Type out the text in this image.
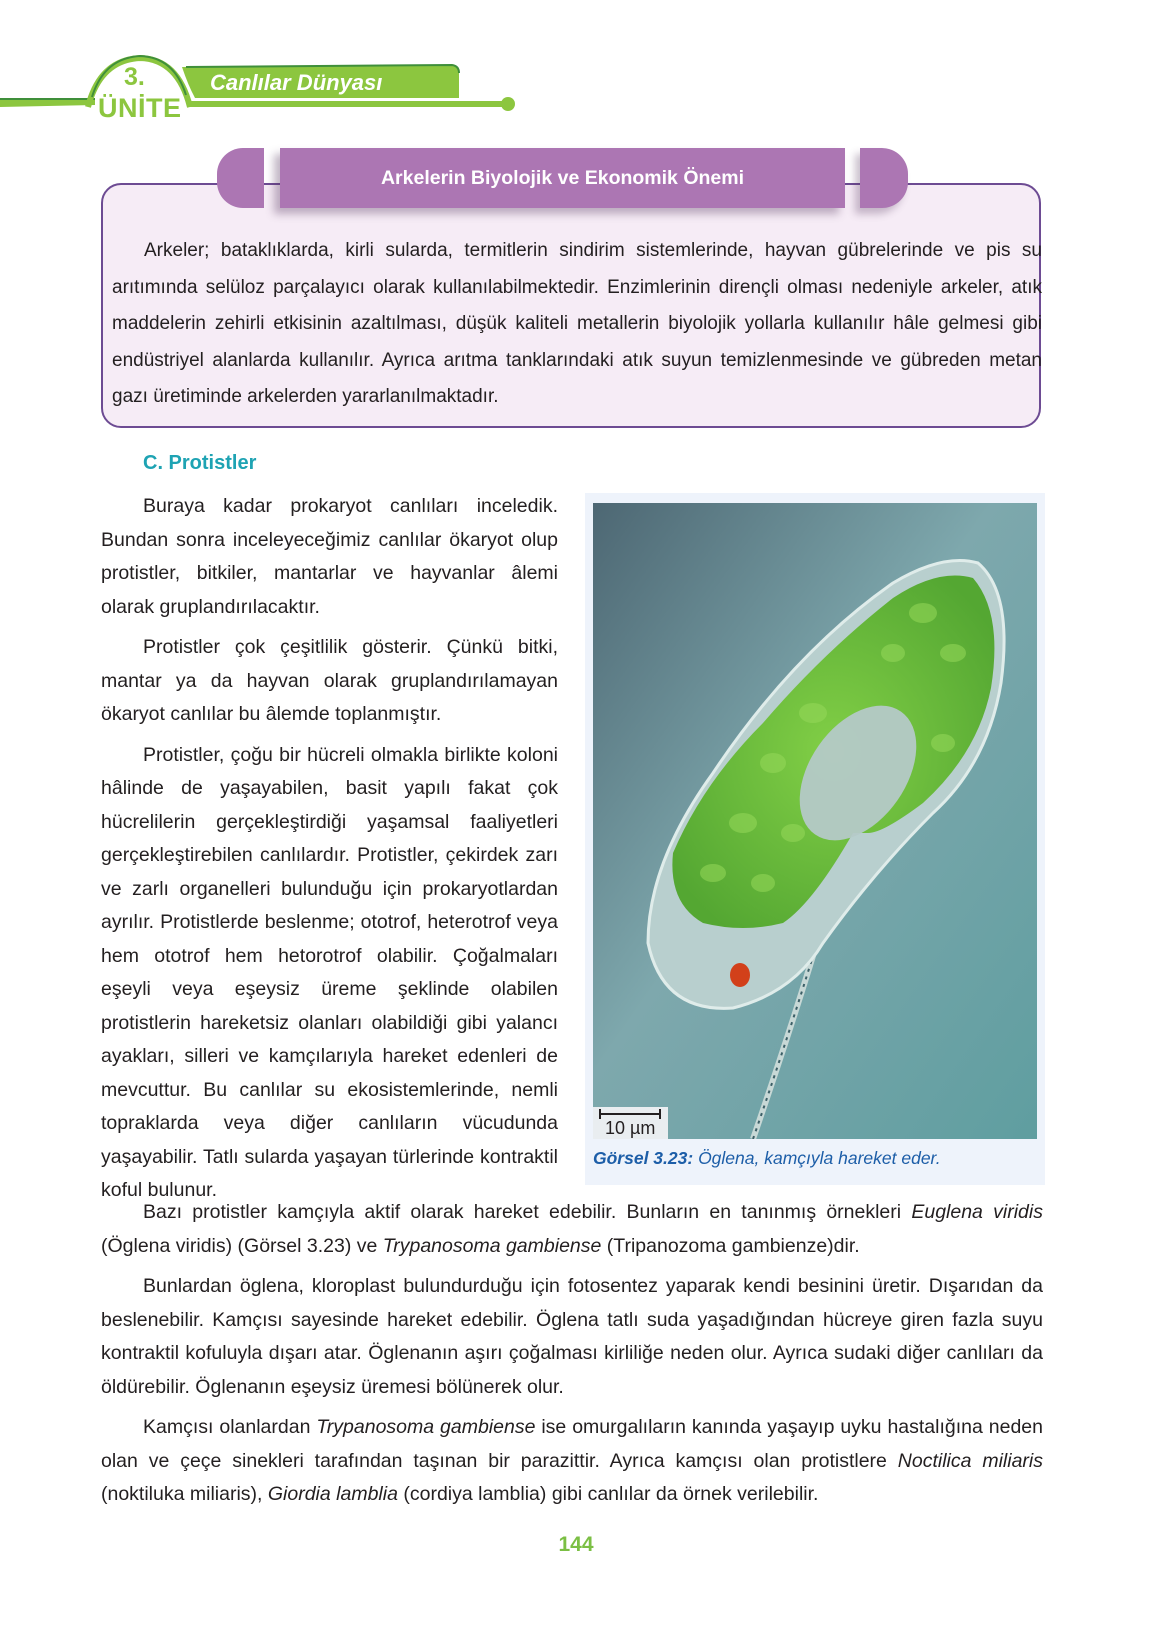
3.
ÜNİTE
Canlılar Dünyası
Arkelerin Biyolojik ve Ekonomik Önemi

Arkeler; bataklıklarda, kirli sularda, termitlerin sindirim sistemlerinde, hayvan gübrelerinde ve pis su arıtımında selüloz parçalayıcı olarak kullanılabilmektedir. Enzimlerinin dirençli olması nedeniyle arkeler, atık maddelerin zehirli etkisinin azaltılması, düşük kaliteli metallerin biyolojik yollarla kullanılır hâle gelmesi gibi endüstriyel alanlarda kullanılır. Ayrıca arıtma tanklarındaki atık suyun temizlenmesinde ve gübreden metan gazı üretiminde arkelerden yararlanılmaktadır.

C. Protistler

Buraya kadar prokaryot canlıları inceledik. Bundan sonra inceleyeceğimiz canlılar ökaryot olup protistler, bitkiler, mantarlar ve hayvanlar âlemi olarak gruplandırılacaktır.

Protistler çok çeşitlilik gösterir. Çünkü bitki, mantar ya da hayvan olarak gruplandırılamayan ökaryot canlılar bu âlemde toplanmıştır.

Protistler, çoğu bir hücreli olmakla birlikte koloni hâlinde de yaşayabilen, basit yapılı fakat çok hücrelilerin gerçekleştirdiği yaşamsal faaliyetleri gerçekleştirebilen canlılardır. Protistler, çekirdek zarı ve zarlı organelleri bulunduğu için prokaryotlardan ayrılır. Protistlerde beslenme; ototrof, heterotrof veya hem ototrof hem hetorotrof olabilir. Çoğalmaları eşeyli veya eşeysiz üreme şeklinde olabilen protistlerin hareketsiz olanları olabildiği gibi yalancı ayakları, silleri ve kamçılarıyla hareket edenleri de mevcuttur. Bu canlılar su ekosistemlerinde, nemli topraklarda veya diğer canlıların vücudunda yaşayabilir. Tatlı sularda yaşayan türlerinde kontraktil koful bulunur.

10 µm
Görsel 3.23: Öglena, kamçıyla hareket eder.

Bazı protistler kamçıyla aktif olarak hareket edebilir. Bunların en tanınmış örnekleri Euglena viridis (Öglena viridis) (Görsel 3.23) ve Trypanosoma gambiense (Tripanozoma gambienze)dir.

Bunlardan öglena, kloroplast bulundurduğu için fotosentez yaparak kendi besinini üretir. Dışarıdan da beslenebilir. Kamçısı sayesinde hareket edebilir. Öglena tatlı suda yaşadığından hücreye giren fazla suyu kontraktil kofuluyla dışarı atar. Öglenanın aşırı çoğalması kirliliğe neden olur. Ayrıca sudaki diğer canlıları da öldürebilir. Öglenanın eşeysiz üremesi bölünerek olur.

Kamçısı olanlardan Trypanosoma gambiense ise omurgalıların kanında yaşayıp uyku hastalığına neden olan ve çeçe sinekleri tarafından taşınan bir parazittir. Ayrıca kamçısı olan protistlere Noctilica miliaris (noktiluka miliaris), Giordia lamblia (cordiya lamblia) gibi canlılar da örnek verilebilir.

144
